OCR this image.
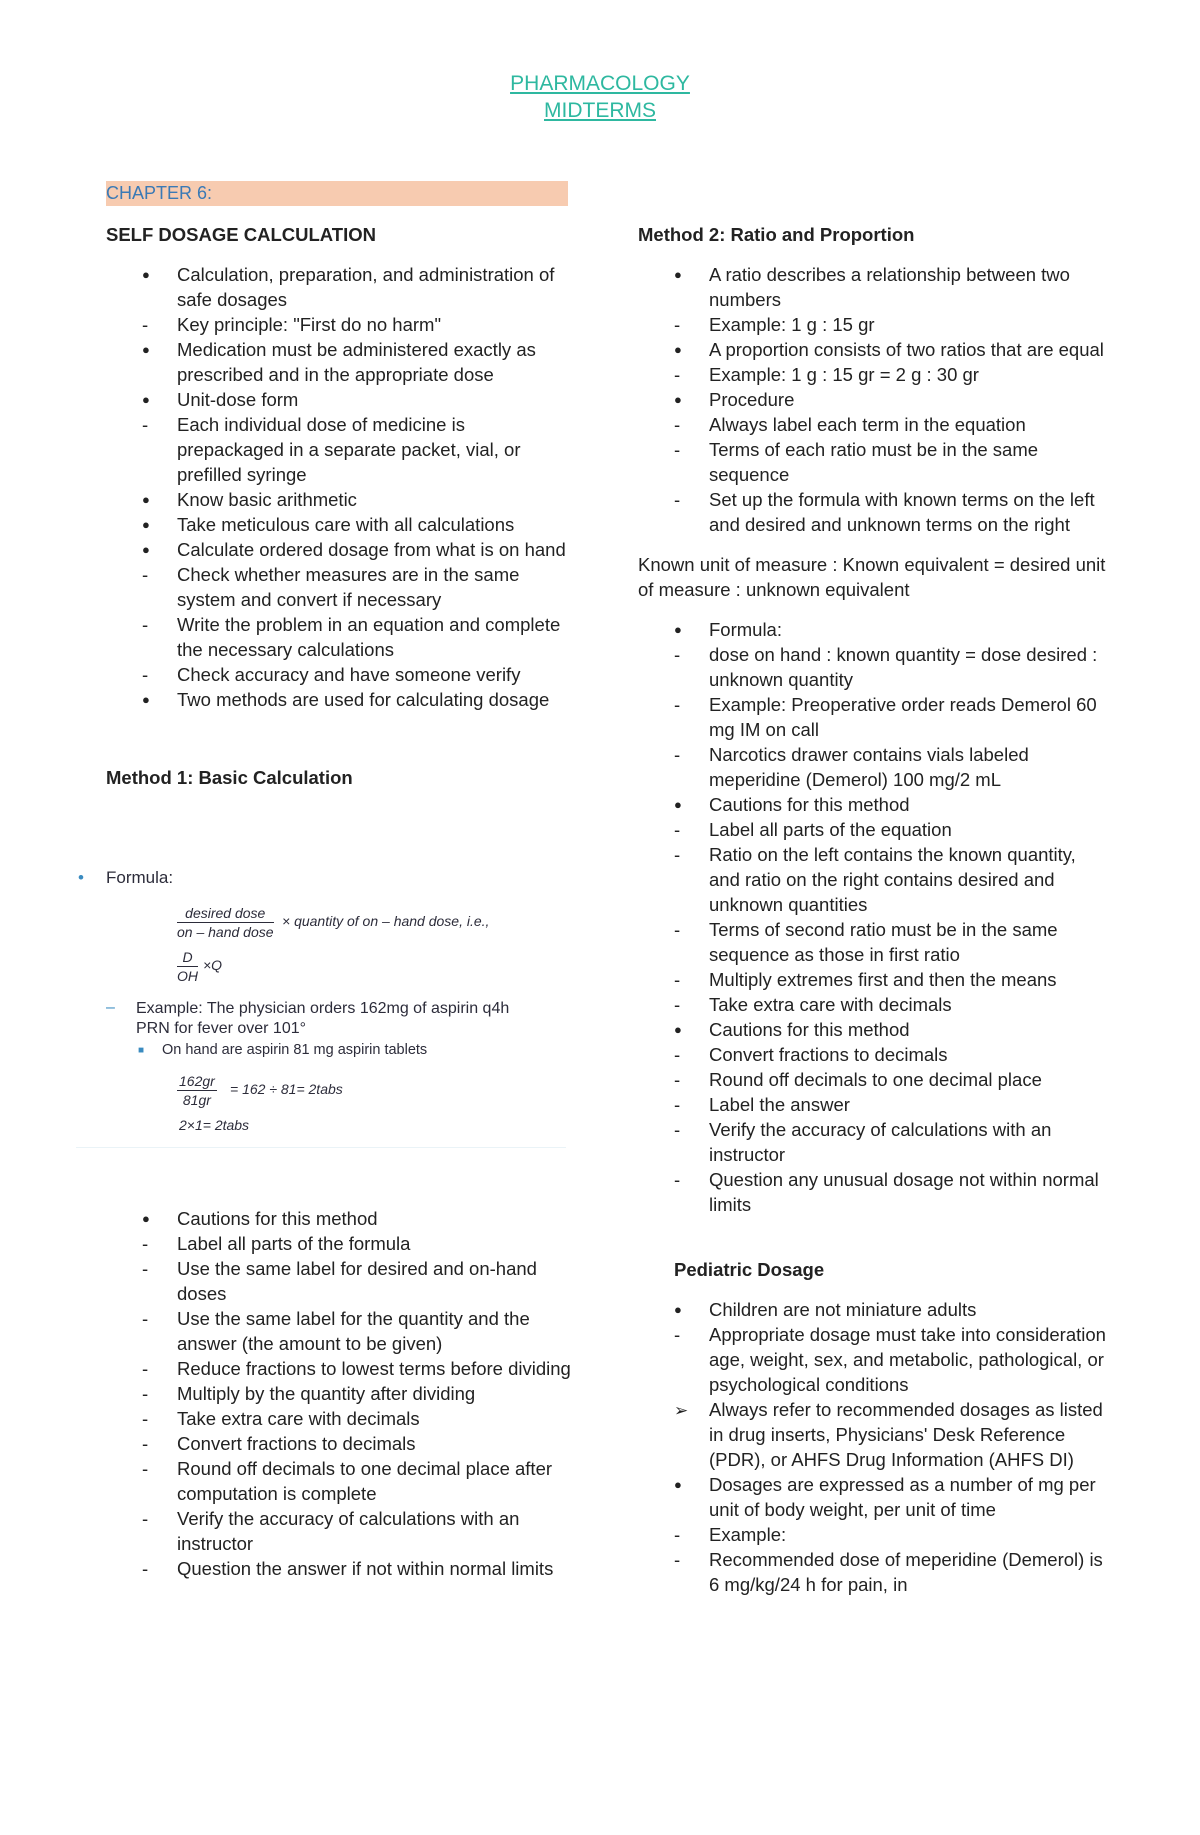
PHARMACOLOGY
MIDTERMS
CHAPTER 6:

SELF DOSAGE CALCULATION

●
Calculation, preparation, and administration of safe dosages
-
Key principle: "First do no harm"
●
Medication must be administered exactly as prescribed and in the appropriate dose
●
Unit-dose form
-
Each individual dose of medicine is prepackaged in a separate packet, vial, or prefilled syringe
●
Know basic arithmetic
●
Take meticulous care with all calculations
●
Calculate ordered dosage from what is on hand
-
Check whether measures are in the same system and convert if necessary
-
Write the problem in an equation and complete the necessary calculations
-
Check accuracy and have someone verify
●
Two methods are used for calculating dosage

Method 1: Basic Calculation

• Formula:
desired dose
on – hand dose
× quantity of on – hand dose, i.e.,
$\frac{D}{OH} \times Q$
– Example: The physician orders 162mg of aspirin q4h PRN for fever over 101°
■ On hand are aspirin 81 mg aspirin tablets
$\frac{162gr}{81gr} = 162 \div 81=$ 2tabs
2×1= 2tabs
●
Cautions for this method
-
Label all parts of the formula
-
Use the same label for desired and on-hand doses
-
Use the same label for the quantity and the answer (the amount to be given)
-
Reduce fractions to lowest terms before dividing
-
Multiply by the quantity after dividing
-
Take extra care with decimals
-
Convert fractions to decimals
-
Round off decimals to one decimal place after computation is complete
-
Verify the accuracy of calculations with an instructor
-
Question the answer if not within normal limits

Method 2: Ratio and Proportion

●
A ratio describes a relationship between two numbers
-
Example: 1 g : 15 gr
●
A proportion consists of two ratios that are equal
-
Example: 1 g : 15 gr = 2 g : 30 gr
●
Procedure
-
Always label each term in the equation
-
Terms of each ratio must be in the same sequence
-
Set up the formula with known terms on the left and desired and unknown terms on the right

Known unit of measure : Known equivalent = desired unit of measure : unknown equivalent

●
Formula:
-
dose on hand : known quantity = dose desired : unknown quantity
-
Example: Preoperative order reads Demerol 60 mg IM on call
-
Narcotics drawer contains vials labeled meperidine (Demerol) 100 mg/2 mL
●
Cautions for this method
-
Label all parts of the equation
-
Ratio on the left contains the known quantity, and ratio on the right contains desired and unknown quantities
-
Terms of second ratio must be in the same sequence as those in first ratio
-
Multiply extremes first and then the means
-
Take extra care with decimals
●
Cautions for this method
-
Convert fractions to decimals
-
Round off decimals to one decimal place
-
Label the answer
-
Verify the accuracy of calculations with an instructor
-
Question any unusual dosage not within normal limits

Pediatric Dosage

●
Children are not miniature adults
-
Appropriate dosage must take into consideration age, weight, sex, and metabolic, pathological, or psychological conditions
➢
Always refer to recommended dosages as listed in drug inserts, Physicians' Desk Reference (PDR), or AHFS Drug Information (AHFS DI)
●
Dosages are expressed as a number of mg per unit of body weight, per unit of time
-
Example:
-
Recommended dose of meperidine (Demerol) is 6 mg/kg/24 h for pain, in
